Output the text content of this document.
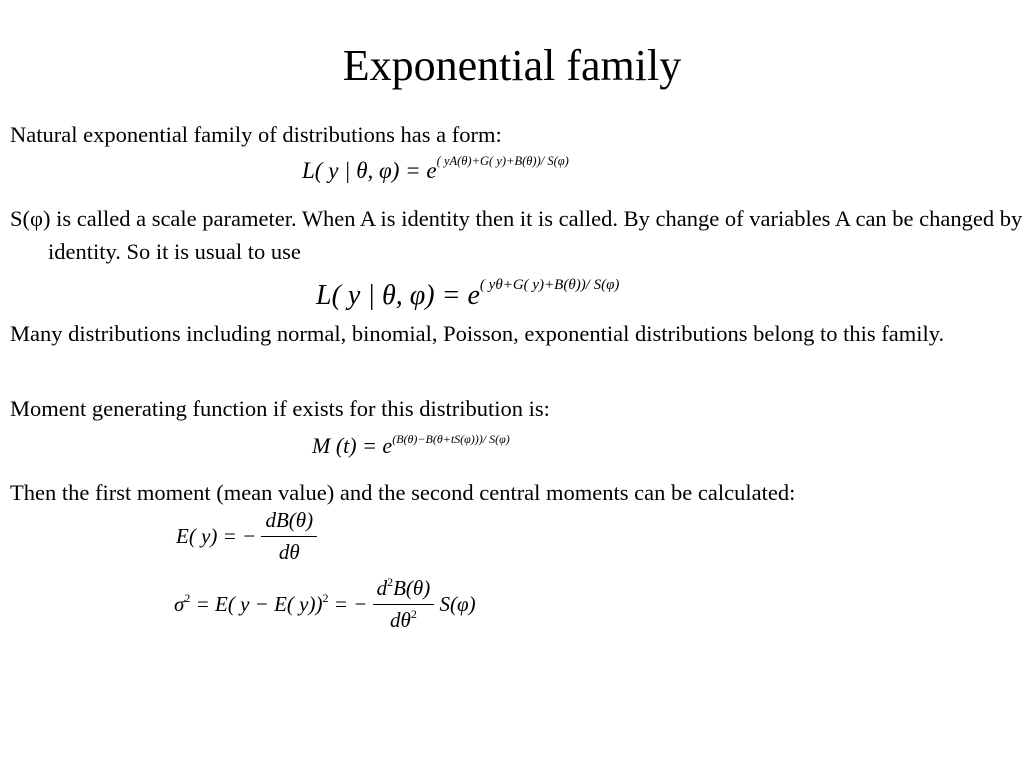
Exponential family
Natural exponential family of distributions has a form:
L( y | θ, $\varphi) = e^{( yA(\theta)+G( y)+B(\theta))/ S(\varphi)}$
S(φ) is called a scale parameter. When A is identity then it is called. By change of variables A can be changed by identity. So it is usual to use
L( y | θ, $\varphi) = e^{( y\theta+G( y)+B(\theta))/ S(\varphi)}$
Many distributions including normal, binomial, Poisson, exponential distributions belong to this family.
Moment generating function if exists for this distribution is:
M $(t) = e^{(B(\theta)-B(\theta+tS(\varphi)))/ S(\varphi)}$
Then the first moment (mean value) and the second central moments can be calculated:
E( y) = − $\frac{dB(\theta)}{d\theta}$
$\sigma^2 = E$( y − E( y))$^2$ = − $\frac{d^2B(\theta)}{d\theta^2} S(\varphi)$
